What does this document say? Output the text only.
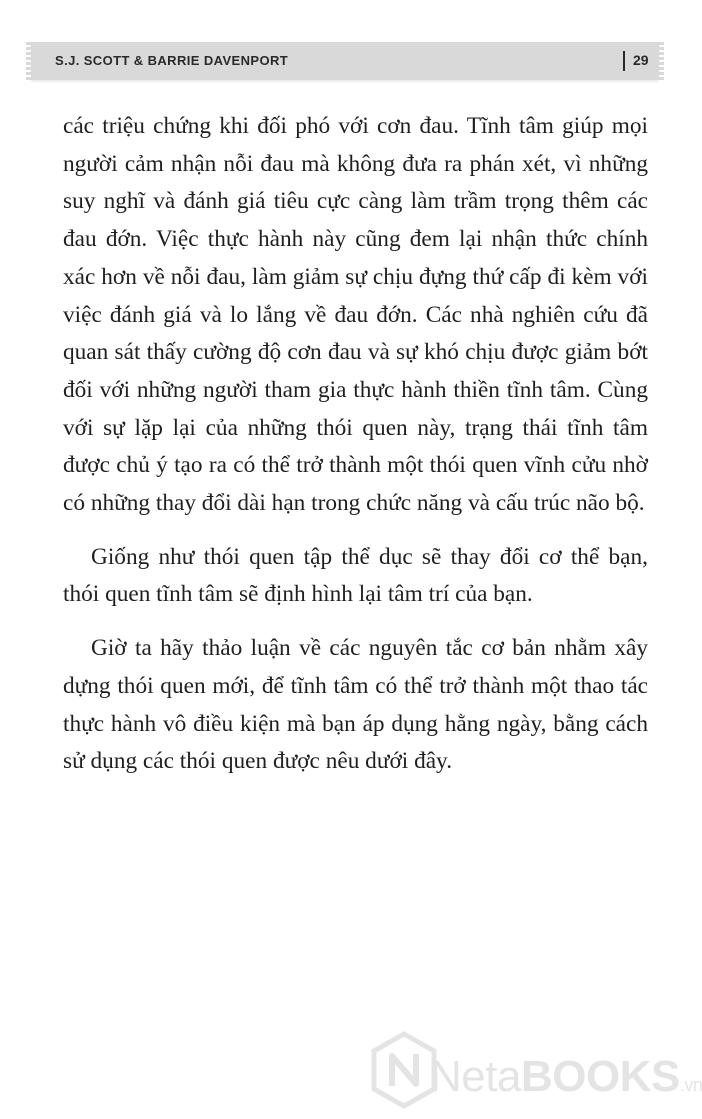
S.J. SCOTT & BARRIE DAVENPORT	29

các triệu chứng khi đối phó với cơn đau. Tĩnh tâm giúp mọi người cảm nhận nỗi đau mà không đưa ra phán xét, vì những suy nghĩ và đánh giá tiêu cực càng làm trầm trọng thêm các đau đớn. Việc thực hành này cũng đem lại nhận thức chính xác hơn về nỗi đau, làm giảm sự chịu đựng thứ cấp đi kèm với việc đánh giá và lo lắng về đau đớn. Các nhà nghiên cứu đã quan sát thấy cường độ cơn đau và sự khó chịu được giảm bớt đối với những người tham gia thực hành thiền tĩnh tâm. Cùng với sự lặp lại của những thói quen này, trạng thái tĩnh tâm được chủ ý tạo ra có thể trở thành một thói quen vĩnh cửu nhờ có những thay đổi dài hạn trong chức năng và cấu trúc não bộ.

Giống như thói quen tập thể dục sẽ thay đổi cơ thể bạn, thói quen tĩnh tâm sẽ định hình lại tâm trí của bạn.

Giờ ta hãy thảo luận về các nguyên tắc cơ bản nhằm xây dựng thói quen mới, để tĩnh tâm có thể trở thành một thao tác thực hành vô điều kiện mà bạn áp dụng hằng ngày, bằng cách sử dụng các thói quen được nêu dưới đây.

NetaBOOKS.vn
